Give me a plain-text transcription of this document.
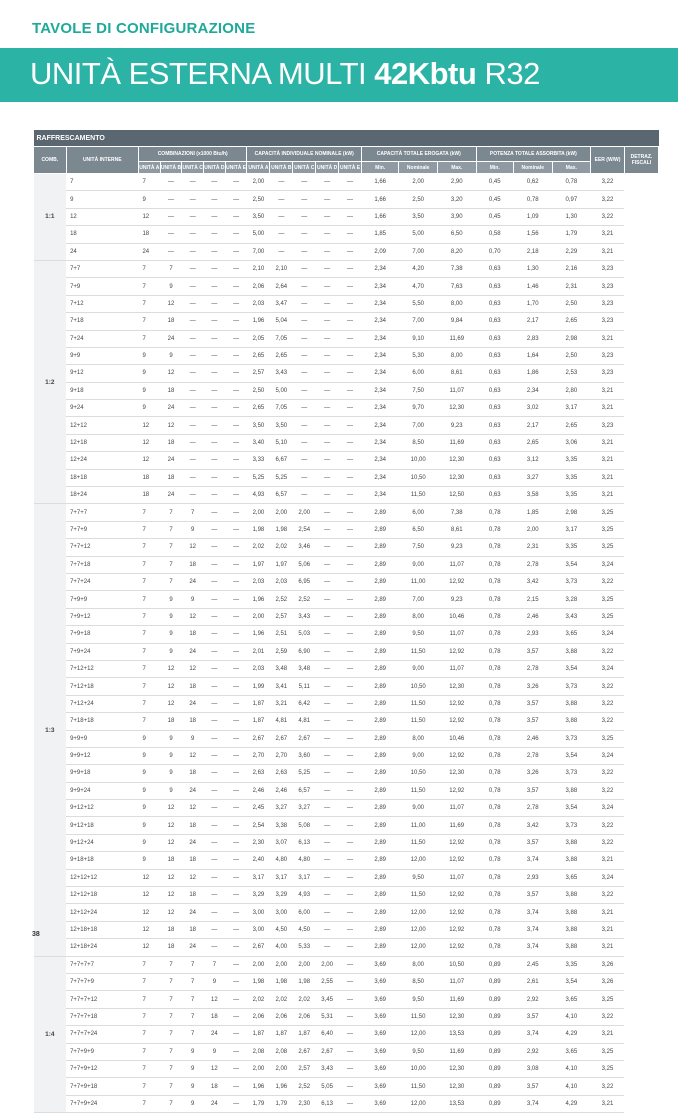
TAVOLE DI CONFIGURAZIONE
UNITÀ ESTERNA MULTI 42Kbtu R32
RAFFRESCAMENTO																			
COMB.	UNITÀ INTERNE	COMBINAZIONI (x1000 Btu/h)					CAPACITÀ INDIVIDUALE NOMINALE (kW)					CAPACITÀ TOTALE EROGATA (kW)			POTENZA TOTALE ASSORBITA (kW)			EER (W/W)	DETRAZ. FISCALI
		UNITÀ A	UNITÀ B	UNITÀ C	UNITÀ D	UNITÀ E	UNITÀ A	UNITÀ B	UNITÀ C	UNITÀ D	UNITÀ E	Min.	Nominale	Max.	Min.	Nominale	Max.		
1:1	7	7	—	—	—	—	2,00	—	—	—	—	1,66	2,00	2,90	0,45	0,62	0,78	3,22	
	9	9	—	—	—	—	2,50	—	—	—	—	1,66	2,50	3,20	0,45	0,78	0,97	3,22	
	12	12	—	—	—	—	3,50	—	—	—	—	1,66	3,50	3,90	0,45	1,09	1,30	3,22	
	18	18	—	—	—	—	5,00	—	—	—	—	1,85	5,00	6,50	0,58	1,56	1,79	3,21	
	24	24	—	—	—	—	7,00	—	—	—	—	2,09	7,00	8,20	0,70	2,18	2,29	3,21	
1:2	7+7	7	7	—	—	—	2,10	2,10	—	—	—	2,34	4,20	7,38	0,63	1,30	2,16	3,23	
	7+9	7	9	—	—	—	2,06	2,64	—	—	—	2,34	4,70	7,63	0,63	1,46	2,31	3,23	
	7+12	7	12	—	—	—	2,03	3,47	—	—	—	2,34	5,50	8,00	0,63	1,70	2,50	3,23	
	7+18	7	18	—	—	—	1,96	5,04	—	—	—	2,34	7,00	9,84	0,63	2,17	2,65	3,23	
	7+24	7	24	—	—	—	2,05	7,05	—	—	—	2,34	9,10	11,69	0,63	2,83	2,98	3,21	
	9+9	9	9	—	—	—	2,65	2,65	—	—	—	2,34	5,30	8,00	0,63	1,64	2,50	3,23	
	9+12	9	12	—	—	—	2,57	3,43	—	—	—	2,34	6,00	8,61	0,63	1,86	2,53	3,23	
	9+18	9	18	—	—	—	2,50	5,00	—	—	—	2,34	7,50	11,07	0,63	2,34	2,80	3,21	
	9+24	9	24	—	—	—	2,65	7,05	—	—	—	2,34	9,70	12,30	0,63	3,02	3,17	3,21	
	12+12	12	12	—	—	—	3,50	3,50	—	—	—	2,34	7,00	9,23	0,63	2,17	2,65	3,23	
	12+18	12	18	—	—	—	3,40	5,10	—	—	—	2,34	8,50	11,69	0,63	2,65	3,06	3,21	
	12+24	12	24	—	—	—	3,33	6,67	—	—	—	2,34	10,00	12,30	0,63	3,12	3,35	3,21	
	18+18	18	18	—	—	—	5,25	5,25	—	—	—	2,34	10,50	12,30	0,63	3,27	3,35	3,21	
	18+24	18	24	—	—	—	4,93	6,57	—	—	—	2,34	11,50	12,50	0,63	3,58	3,35	3,21	
1:3	7+7+7	7	7	7	—	—	2,00	2,00	2,00	—	—	2,89	6,00	7,38	0,78	1,85	2,98	3,25	
	7+7+9	7	7	9	—	—	1,98	1,98	2,54	—	—	2,89	6,50	8,61	0,78	2,00	3,17	3,25	
	7+7+12	7	7	12	—	—	2,02	2,02	3,46	—	—	2,89	7,50	9,23	0,78	2,31	3,35	3,25	
	7+7+18	7	7	18	—	—	1,97	1,97	5,06	—	—	2,89	9,00	11,07	0,78	2,78	3,54	3,24	
	7+7+24	7	7	24	—	—	2,03	2,03	6,95	—	—	2,89	11,00	12,92	0,78	3,42	3,73	3,22	
	7+9+9	7	9	9	—	—	1,96	2,52	2,52	—	—	2,89	7,00	9,23	0,78	2,15	3,28	3,25	
	7+9+12	7	9	12	—	—	2,00	2,57	3,43	—	—	2,89	8,00	10,46	0,78	2,46	3,43	3,25	
	7+9+18	7	9	18	—	—	1,96	2,51	5,03	—	—	2,89	9,50	11,07	0,78	2,93	3,65	3,24	
	7+9+24	7	9	24	—	—	2,01	2,59	6,90	—	—	2,89	11,50	12,92	0,78	3,57	3,88	3,22	
	7+12+12	7	12	12	—	—	2,03	3,48	3,48	—	—	2,89	9,00	11,07	0,78	2,78	3,54	3,24	
	7+12+18	7	12	18	—	—	1,99	3,41	5,11	—	—	2,89	10,50	12,30	0,78	3,26	3,73	3,22	
	7+12+24	7	12	24	—	—	1,87	3,21	6,42	—	—	2,89	11,50	12,92	0,78	3,57	3,88	3,22	
	7+18+18	7	18	18	—	—	1,87	4,81	4,81	—	—	2,89	11,50	12,92	0,78	3,57	3,88	3,22	
	9+9+9	9	9	9	—	—	2,67	2,67	2,67	—	—	2,89	8,00	10,46	0,78	2,46	3,73	3,25	
	9+9+12	9	9	12	—	—	2,70	2,70	3,60	—	—	2,89	9,00	12,92	0,78	2,78	3,54	3,24	
	9+9+18	9	9	18	—	—	2,63	2,63	5,25	—	—	2,89	10,50	12,30	0,78	3,26	3,73	3,22	
	9+9+24	9	9	24	—	—	2,46	2,46	6,57	—	—	2,89	11,50	12,92	0,78	3,57	3,88	3,22	
	9+12+12	9	12	12	—	—	2,45	3,27	3,27	—	—	2,89	9,00	11,07	0,78	2,78	3,54	3,24	
	9+12+18	9	12	18	—	—	2,54	3,38	5,08	—	—	2,89	11,00	11,69	0,78	3,42	3,73	3,22	
	9+12+24	9	12	24	—	—	2,30	3,07	6,13	—	—	2,89	11,50	12,92	0,78	3,57	3,88	3,22	
	9+18+18	9	18	18	—	—	2,40	4,80	4,80	—	—	2,89	12,00	12,92	0,78	3,74	3,88	3,21	
	12+12+12	12	12	12	—	—	3,17	3,17	3,17	—	—	2,89	9,50	11,07	0,78	2,93	3,65	3,24	
	12+12+18	12	12	18	—	—	3,29	3,29	4,93	—	—	2,89	11,50	12,92	0,78	3,57	3,88	3,22	
	12+12+24	12	12	24	—	—	3,00	3,00	6,00	—	—	2,89	12,00	12,92	0,78	3,74	3,88	3,21	
	12+18+18	12	18	18	—	—	3,00	4,50	4,50	—	—	2,89	12,00	12,92	0,78	3,74	3,88	3,21	
	12+18+24	12	18	24	—	—	2,67	4,00	5,33	—	—	2,89	12,00	12,92	0,78	3,74	3,88	3,21	
1:4	7+7+7+7	7	7	7	7	—	2,00	2,00	2,00	2,00	—	3,69	8,00	10,50	0,89	2,45	3,35	3,26	
	7+7+7+9	7	7	7	9	—	1,98	1,98	1,98	2,55	—	3,69	8,50	11,07	0,89	2,61	3,54	3,26	
	7+7+7+12	7	7	7	12	—	2,02	2,02	2,02	3,45	—	3,69	9,50	11,69	0,89	2,92	3,65	3,25	
	7+7+7+18	7	7	7	18	—	2,06	2,06	2,06	5,31	—	3,69	11,50	12,30	0,89	3,57	4,10	3,22	
	7+7+7+24	7	7	7	24	—	1,87	1,87	1,87	6,40	—	3,69	12,00	13,53	0,89	3,74	4,29	3,21	
	7+7+9+9	7	7	9	9	—	2,08	2,08	2,67	2,67	—	3,69	9,50	11,69	0,89	2,92	3,65	3,25	
	7+7+9+12	7	7	9	12	—	2,00	2,00	2,57	3,43	—	3,69	10,00	12,30	0,89	3,08	4,10	3,25	
	7+7+9+18	7	7	9	18	—	1,96	1,96	2,52	5,05	—	3,69	11,50	12,30	0,89	3,57	4,10	3,22	
	7+7+9+24	7	7	9	24	—	1,79	1,79	2,30	6,13	—	3,69	12,00	13,53	0,89	3,74	4,29	3,21	
38
